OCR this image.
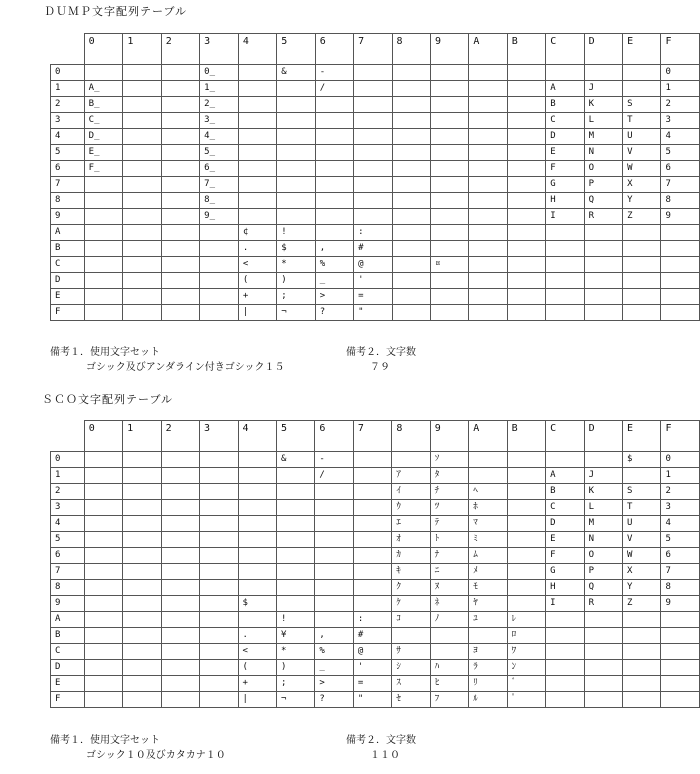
ＤＵＭＰ文字配列テーブル
	0	1	2	3	4	5	6	7	8	9	A	B	C	D	E	F
0				0̲		&	-									0
1	A̲			1̲			/						A	J		1
2	B̲			2̲									B	K	S	2
3	C̲			3̲									C	L	T	3
4	D̲			4̲									D	M	U	4
5	E̲			5̲									E	N	V	5
6	F̲			6̲									F	O	W	6
7				7̲									G	P	X	7
8				8̲									H	Q	Y	8
9				9̲									I	R	Z	9
A					¢	!		:								
B					.	$	,	#								
C					<	*	%	@		¤						
D					(	)	_	'								
E					+	;	>	=								
F					|	¬	?	"								
備考１．使用文字セット
ゴシック及びアンダライン付きゴシック１５
備考２．文字数
７９
ＳＣＯ文字配列テーブル
	0	1	2	3	4	5	6	7	8	9	A	B	C	D	E	F
0						&	-			ｿ					$	0
1							/		ｱ	ﾀ			A	J		1
2									ｲ	ﾁ	ﾍ		B	K	S	2
3									ｳ	ﾂ	ﾎ		C	L	T	3
4									ｴ	ﾃ	ﾏ		D	M	U	4
5									ｵ	ﾄ	ﾐ		E	N	V	5
6									ｶ	ﾅ	ﾑ		F	O	W	6
7									ｷ	ﾆ	ﾒ		G	P	X	7
8									ｸ	ﾇ	ﾓ		H	Q	Y	8
9					$				ｹ	ﾈ	ﾔ		I	R	Z	9
A						!		:	ｺ	ﾉ	ﾕ	ﾚ				
B					.	¥	,	#				ﾛ				
C					<	*	%	@	ｻ		ﾖ	ﾜ				
D					(	)	_	'	ｼ	ﾊ	ﾗ	ﾝ				
E					+	;	>	=	ｽ	ﾋ	ﾘ	ﾞ				
F					|	¬	?	"	ｾ	ﾌ	ﾙ	ﾟ				
備考１．使用文字セット
ゴシック１０及びカタカナ１０
備考２．文字数
１１０
